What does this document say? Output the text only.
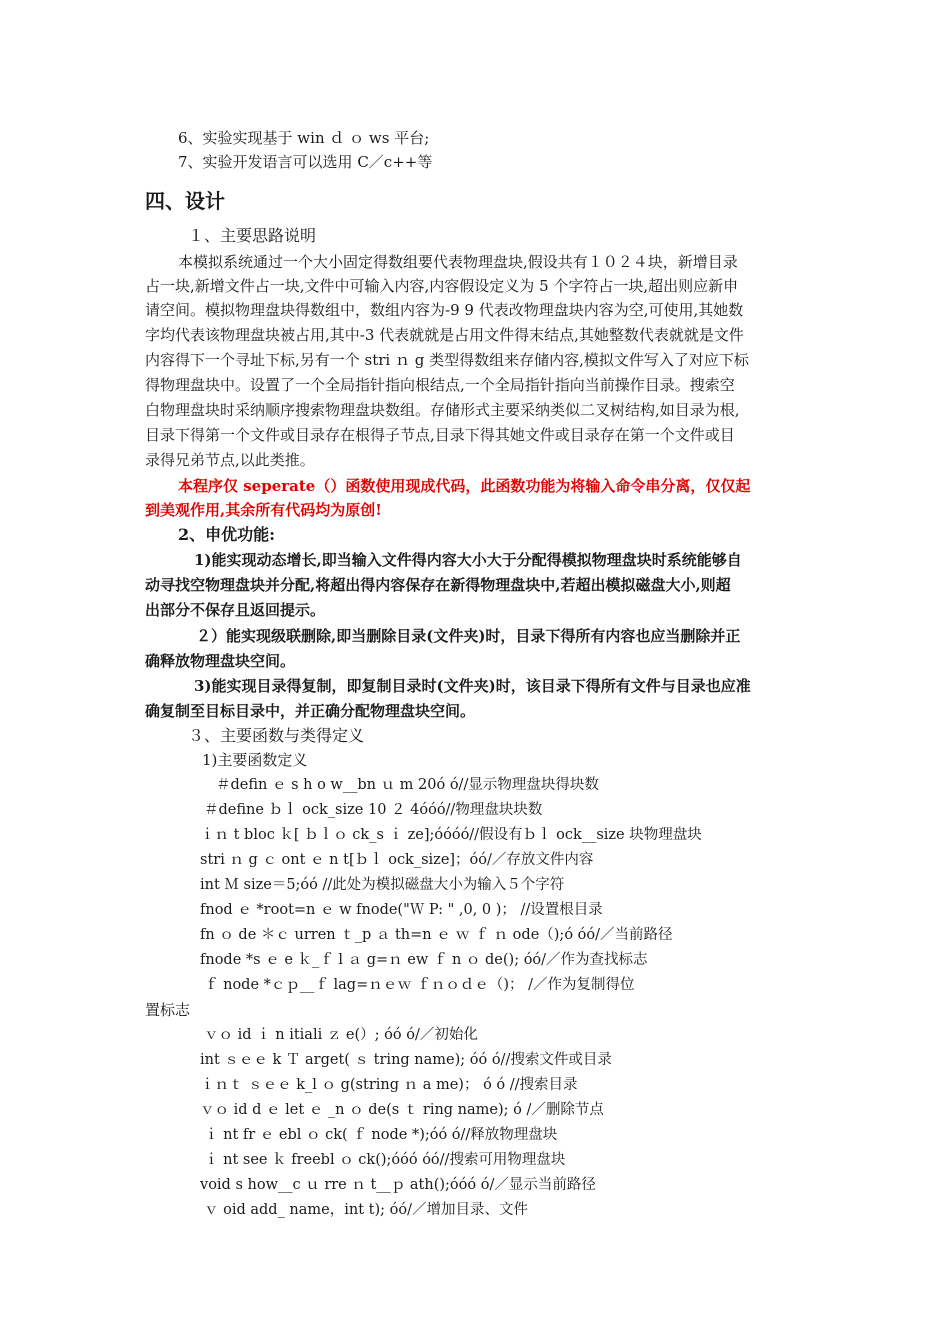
6、实验实现基于 win ｄ ｏ ws 平台;
7、实验开发语言可以选用 C／c++等
四、设计
１、主要思路说明
本模拟系统通过一个大小固定得数组要代表物理盘块,假设共有１０２４块，新增目录
占一块,新增文件占一块,文件中可输入内容,内容假设定义为 5 个字符占一块,超出则应新申
请空间。模拟物理盘块得数组中，数组内容为-9 9 代表改物理盘块内容为空,可使用,其她数
字均代表该物理盘块被占用,其中-3 代表就就是占用文件得末结点,其她整数代表就就是文件
内容得下一个寻址下标,另有一个 stri ｎ g 类型得数组来存储内容,模拟文件写入了对应下标
得物理盘块中。设置了一个全局指针指向根结点,一个全局指针指向当前操作目录。搜索空
白物理盘块时采纳顺序搜索物理盘块数组。存储形式主要采纳类似二叉树结构,如目录为根,
目录下得第一个文件或目录存在根得子节点,目录下得其她文件或目录存在第一个文件或目
录得兄弟节点,以此类推。
本程序仅 seperate（）函数使用现成代码，此函数功能为将输入命令串分离，仅仅起
到美观作用,其余所有代码均为原创!
2、申优功能:
1)能实现动态增长,即当输入文件得内容大小大于分配得模拟物理盘块时系统能够自
动寻找空物理盘块并分配,将超出得内容保存在新得物理盘块中,若超出模拟磁盘大小,则超
出部分不保存且返回提示。
２）能实现级联删除,即当删除目录(文件夹)时，目录下得所有内容也应当删除并正
确释放物理盘块空间。
3)能实现目录得复制，即复制目录时(文件夹)时，该目录下得所有文件与目录也应准
确复制至目标目录中，并正确分配物理盘块空间。
３、主要函数与类得定义
1)主要函数定义
＃defin ｅ s h o w__bn ｕ m 20ó ó//显示物理盘块得块数
＃define ｂｌ ock_size 10 ２ 4óóó//物理盘块块数
ｉｎ t bloc ｋ[ ｂｌｏ ck_s ｉ ze];óóóó//假设有ｂｌ ock__size 块物理盘块
stri ｎ g ｃ ont ｅ n t[ｂｌ ock_size]；óó/／存放文件内容
int Ｍ size＝5;óó //此处为模拟磁盘大小为输入５个字符
fnod ｅ *root=n ｅ w fnode("Ｗ P: " ,0, 0 )； //设置根目录
fn ｏ de ＊ｃ urren ｔ_p ａ th=n ｅ ｗ ｆ ｎ ode（);ó óó/／当前路径
fnode *s ｅ e ｋ_ｆ l ａ g=ｎ ew ｆ n ｏ de(); óó/／作为查找标志
ｆ node *ｃｐ__ｆ lag=ｎｅｗ ｆｎｏｄｅ（)； /／作为复制得位
置标志
ｖｏ id ｉ n itiali ｚ e(）; óó ó/／初始化
int ｓｅｅ k Ｔ arget( ｓ tring name); óó ó//搜索文件或目录
ｉｎｔ ｓｅｅ k_l ｏ g(string ｎ a me)； ó ó //搜索目录
ｖｏ id d ｅ let ｅ _n ｏ de(s ｔ ring name); ó /／删除节点
ｉ nt fr ｅ ebl ｏ ck( ｆ node *);óó ó//释放物理盘块
ｉ nt see ｋ freebl ｏ ck();óóó óó//搜索可用物理盘块
void s how__c ｕ rre ｎ t__ｐ ath();óóó ó/／显示当前路径
ｖ oid add_ name，int t); óó/／增加目录、文件
